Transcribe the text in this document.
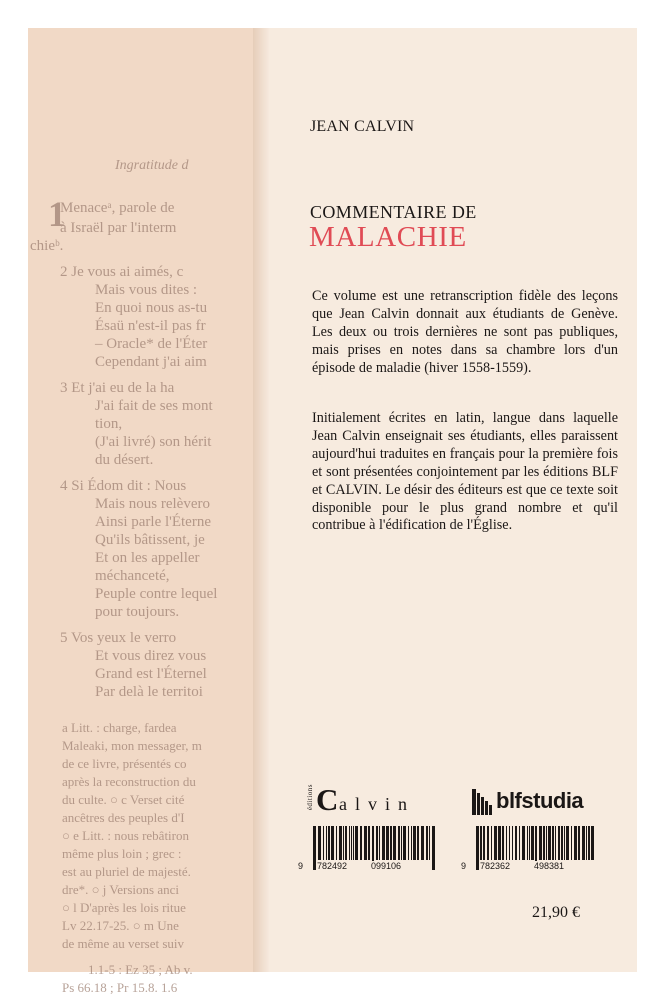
1
Ingratitude d
Menaceᵃ, parole de
à Israël par l'interm
chieᵇ.
2 Je vous ai aimés, c
Mais vous dites :
En quoi nous as-tu
Ésaü n'est-il pas fr
– Oracle* de l'Éter
Cependant j'ai aim
3 Et j'ai eu de la ha
J'ai fait de ses mont
tion,
(J'ai livré) son hérit
du désert.
4 Si Édom dit : Nous
Mais nous relèvero
Ainsi parle l'Éterne
Qu'ils bâtissent, je
Et on les appeller
méchanceté,
Peuple contre lequel
pour toujours.
5 Vos yeux le verro
Et vous direz vous
Grand est l'Éternel
Par delà le territoi
a Litt. : charge, fardea
Maleaki, mon messager, m
de ce livre, présentés co
après la reconstruction du
du culte. ○ c Verset cité
ancêtres des peuples d'I
○ e Litt. : nous rebâtiron
même plus loin ; grec :
est au pluriel de majesté.
dre*. ○ j Versions anci
○ l D'après les lois ritue
Lv 22.17-25. ○ m Une
de même au verset suiv
1.1-5 : Ez 35 ; Ab v.
Ps 66.18 ; Pr 15.8. 1.6
JEAN CALVIN
COMMENTAIRE DE
MALACHIE
Ce volume est une retranscription fidèle des leçons que Jean Calvin donnait aux étudiants de Genève. Les deux ou trois dernières ne sont pas publiques, mais prises en notes dans sa chambre lors d'un épisode de maladie (hiver 1558-1559).
Initialement écrites en latin, langue dans laquelle Jean Calvin enseignait ses étudiants, elles paraissent aujourd'hui traduites en français pour la première fois et sont présentées conjointement par les éditions BLF et CALVIN. Le désir des éditeurs est que ce texte soit disponible pour le plus grand nombre et qu'il contribue à l'édification de l'Église.
éditions C alvin	blfstudia
9 782492	099106	9 782362	498381
21,90 €
